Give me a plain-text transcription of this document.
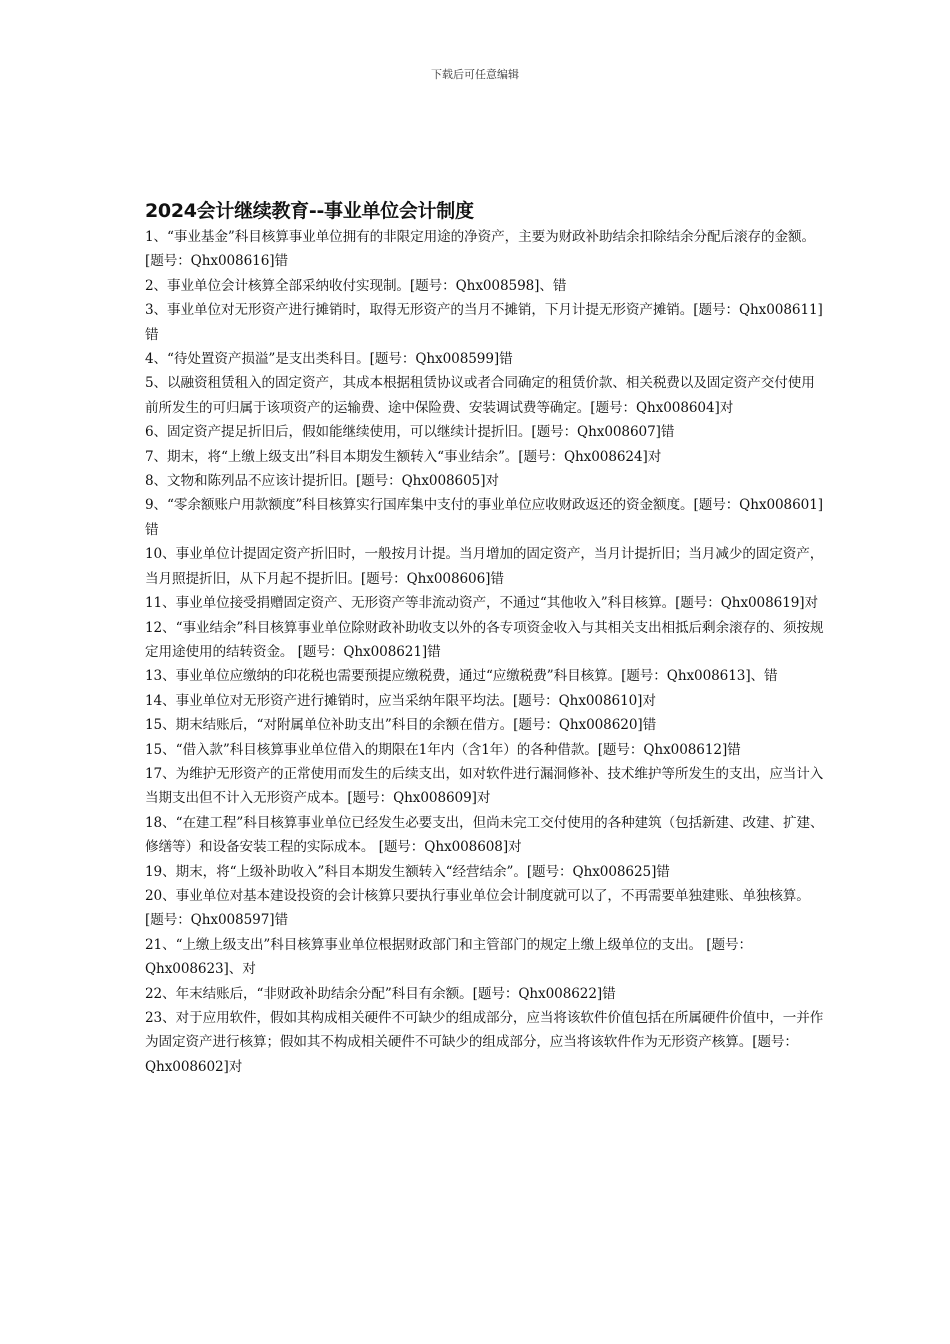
下载后可任意编辑
2024会计继续教育--事业单位会计制度

1、“事业基金”科目核算事业单位拥有的非限定用途的净资产，主要为财政补助结余扣除结余分配后滚存的金额。[题号：Qhx008616]错

2、事业单位会计核算全部采纳收付实现制。[题号：Qhx008598]、错

3、事业单位对无形资产进行摊销时，取得无形资产的当月不摊销，下月计提无形资产摊销。[题号：Qhx008611]错

4、“待处置资产损溢”是支出类科目。[题号：Qhx008599]错

5、以融资租赁租入的固定资产，其成本根据租赁协议或者合同确定的租赁价款、相关税费以及固定资产交付使用前所发生的可归属于该项资产的运输费、途中保险费、安装调试费等确定。[题号：Qhx008604]对

6、固定资产提足折旧后，假如能继续使用，可以继续计提折旧。[题号：Qhx008607]错

7、期末，将“上缴上级支出”科目本期发生额转入“事业结余”。[题号：Qhx008624]对

8、文物和陈列品不应该计提折旧。[题号：Qhx008605]对

9、“零余额账户用款额度”科目核算实行国库集中支付的事业单位应收财政返还的资金额度。[题号：Qhx008601]错

10、事业单位计提固定资产折旧时，一般按月计提。当月增加的固定资产，当月计提折旧；当月减少的固定资产，当月照提折旧，从下月起不提折旧。[题号：Qhx008606]错

11、事业单位接受捐赠固定资产、无形资产等非流动资产，不通过“其他收入”科目核算。[题号：Qhx008619]对

12、“事业结余”科目核算事业单位除财政补助收支以外的各专项资金收入与其相关支出相抵后剩余滚存的、须按规定用途使用的结转资金。 [题号：Qhx008621]错

13、事业单位应缴纳的印花税也需要预提应缴税费，通过“应缴税费”科目核算。[题号：Qhx008613]、错

14、事业单位对无形资产进行摊销时，应当采纳年限平均法。[题号：Qhx008610]对

15、期末结账后，“对附属单位补助支出”科目的余额在借方。[题号：Qhx008620]错

15、“借入款”科目核算事业单位借入的期限在1年内（含1年）的各种借款。[题号：Qhx008612]错

17、为维护无形资产的正常使用而发生的后续支出，如对软件进行漏洞修补、技术维护等所发生的支出，应当计入当期支出但不计入无形资产成本。[题号：Qhx008609]对

18、“在建工程”科目核算事业单位已经发生必要支出，但尚未完工交付使用的各种建筑（包括新建、改建、扩建、修缮等）和设备安装工程的实际成本。 [题号：Qhx008608]对

19、期末，将“上级补助收入”科目本期发生额转入“经营结余”。[题号：Qhx008625]错

20、事业单位对基本建设投资的会计核算只要执行事业单位会计制度就可以了，不再需要单独建账、单独核算。[题号：Qhx008597]错

21、“上缴上级支出”科目核算事业单位根据财政部门和主管部门的规定上缴上级单位的支出。 [题号：Qhx008623]、对

22、年末结账后，“非财政补助结余分配”科目有余额。[题号：Qhx008622]错

23、对于应用软件，假如其构成相关硬件不可缺少的组成部分，应当将该软件价值包括在所属硬件价值中，一并作为固定资产进行核算；假如其不构成相关硬件不可缺少的组成部分，应当将该软件作为无形资产核算。[题号：Qhx008602]对
